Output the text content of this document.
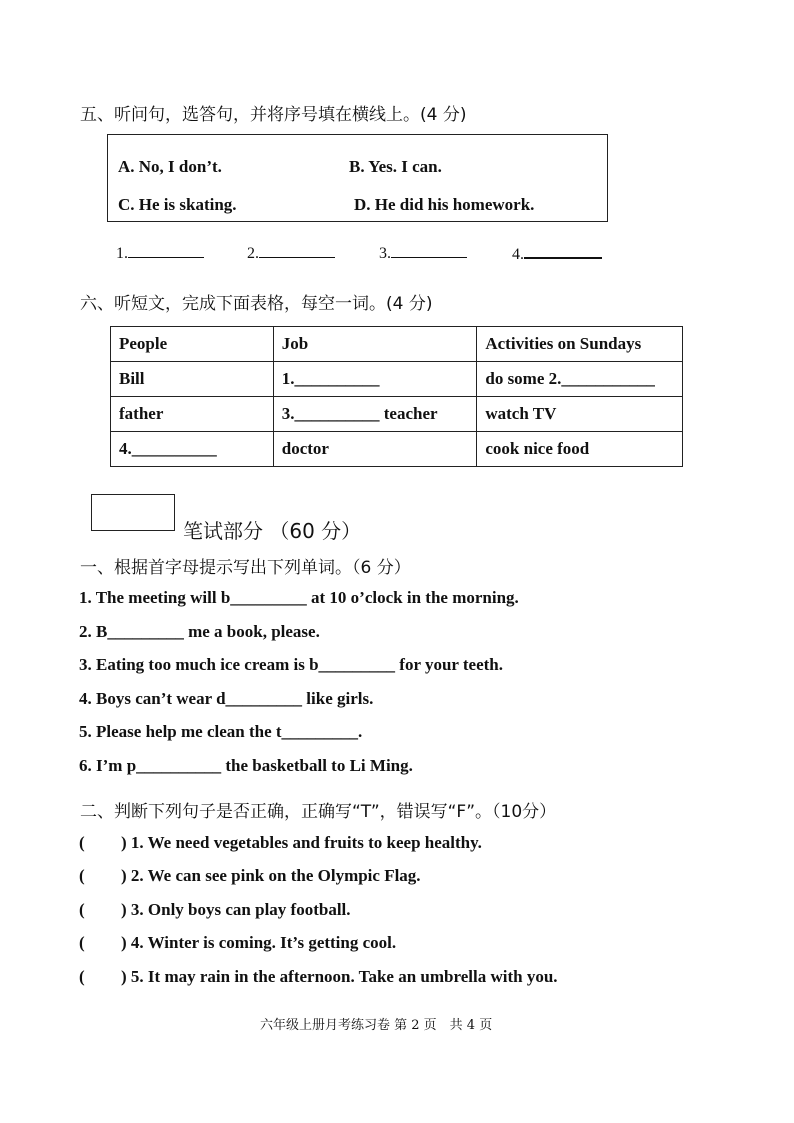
五、听问句，选答句，并将序号填在横线上。(4 分)
A. No, I don’t.	B. Yes. I can.
C. He is skating.	D. He did his homework.
1.	2.	3.	4.
六、听短文，完成下面表格，每空一词。(4 分)
People	Job	Activities on Sundays
Bill	1.__________	do some 2.___________
father	3.__________ teacher	watch TV
4.__________	doctor	cook nice food
笔试部分 （60 分）
一、根据首字母提示写出下列单词。（6 分）
1. The meeting will b_________ at 10 o’clock in the morning.
2. B_________ me a book, please.
3. Eating too much ice cream is b_________ for your teeth.
4. Boys can’t wear d_________ like girls.
5. Please help me clean the t_________.
6. I’m p__________ the basketball to Li Ming.
二、判断下列句子是否正确，正确写“T”，错误写“F”。（10分）
( ) 1. We need vegetables and fruits to keep healthy.
( ) 2. We can see pink on the Olympic Flag.
( ) 3. Only boys can play football.
( ) 4. Winter is coming. It’s getting cool.
( ) 5. It may rain in the afternoon. Take an umbrella with you.
六年级上册月考练习卷 第 2 页　共 4 页
